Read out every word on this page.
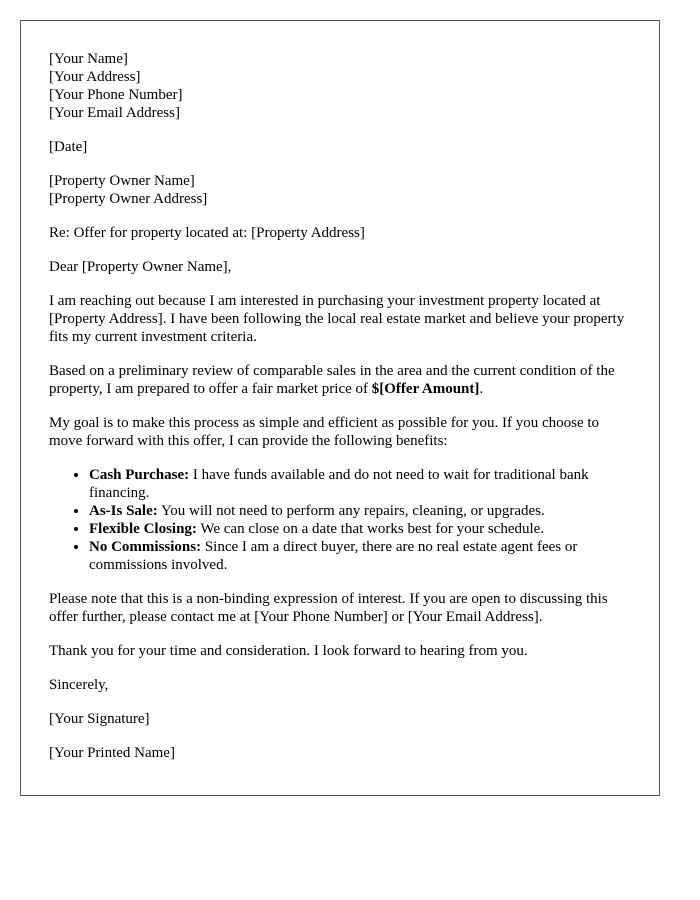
[Your Name]
[Your Address]
[Your Phone Number]
[Your Email Address]

[Date]

[Property Owner Name]
[Property Owner Address]

Re: Offer for property located at: [Property Address]

Dear [Property Owner Name],

I am reaching out because I am interested in purchasing your investment property located at [Property Address]. I have been following the local real estate market and believe your property fits my current investment criteria.

Based on a preliminary review of comparable sales in the area and the current condition of the property, I am prepared to offer a fair market price of $[Offer Amount].

My goal is to make this process as simple and efficient as possible for you. If you choose to move forward with this offer, I can provide the following benefits:

• Cash Purchase: I have funds available and do not need to wait for traditional bank financing.
• As-Is Sale: You will not need to perform any repairs, cleaning, or upgrades.
• Flexible Closing: We can close on a date that works best for your schedule.
• No Commissions: Since I am a direct buyer, there are no real estate agent fees or commissions involved.

Please note that this is a non-binding expression of interest. If you are open to discussing this offer further, please contact me at [Your Phone Number] or [Your Email Address].

Thank you for your time and consideration. I look forward to hearing from you.

Sincerely,

[Your Signature]

[Your Printed Name]
